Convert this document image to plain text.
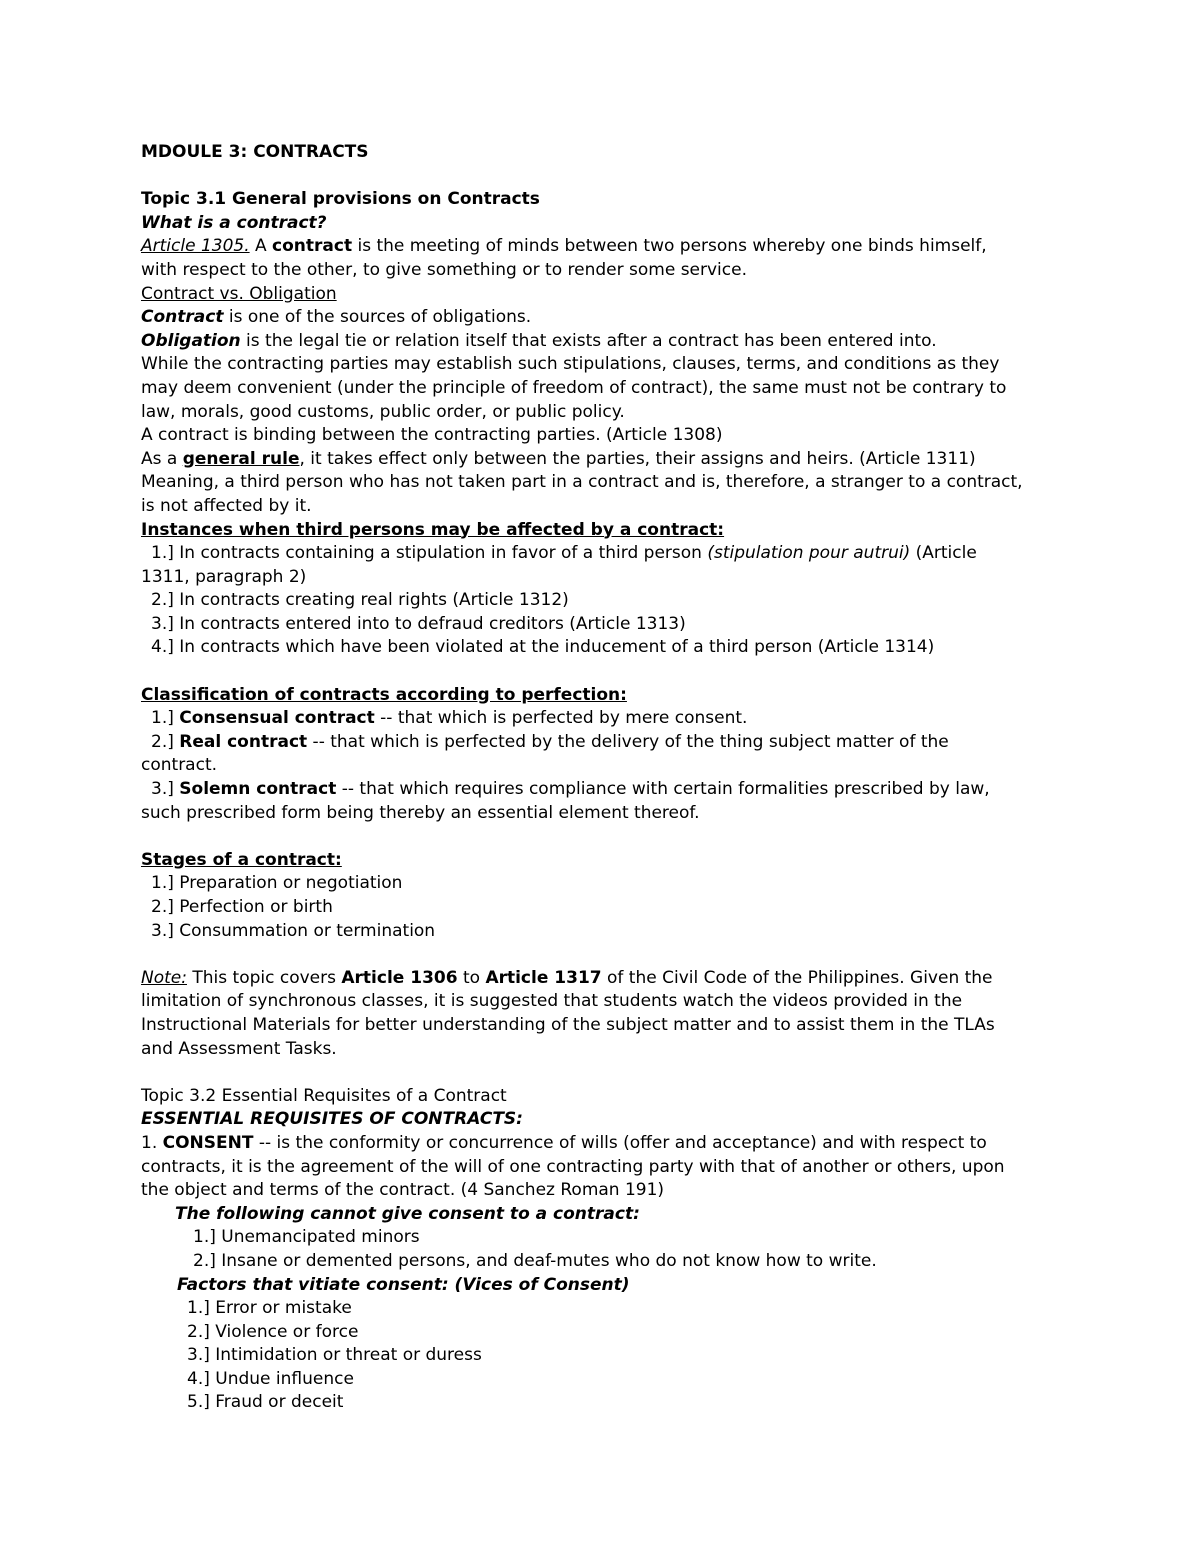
MDOULE 3: CONTRACTS
Topic 3.1 General provisions on Contracts
What is a contract?
Article 1305. A contract is the meeting of minds between two persons whereby one binds himself,
with respect to the other, to give something or to render some service.
Contract vs. Obligation
Contract is one of the sources of obligations.
Obligation is the legal tie or relation itself that exists after a contract has been entered into.
While the contracting parties may establish such stipulations, clauses, terms, and conditions as they
may deem convenient (under the principle of freedom of contract), the same must not be contrary to
law, morals, good customs, public order, or public policy.
A contract is binding between the contracting parties. (Article 1308)
As a general rule, it takes effect only between the parties, their assigns and heirs. (Article 1311)
Meaning, a third person who has not taken part in a contract and is, therefore, a stranger to a contract,
is not affected by it.
Instances when third persons may be affected by a contract:
1.] In contracts containing a stipulation in favor of a third person (stipulation pour autrui) (Article
1311, paragraph 2)
2.] In contracts creating real rights (Article 1312)
3.] In contracts entered into to defraud creditors (Article 1313)
4.] In contracts which have been violated at the inducement of a third person (Article 1314)
Classification of contracts according to perfection:
1.] Consensual contract -- that which is perfected by mere consent.
2.] Real contract -- that which is perfected by the delivery of the thing subject matter of the
contract.
3.] Solemn contract -- that which requires compliance with certain formalities prescribed by law,
such prescribed form being thereby an essential element thereof.
Stages of a contract:
1.] Preparation or negotiation
2.] Perfection or birth
3.] Consummation or termination
Note: This topic covers Article 1306 to Article 1317 of the Civil Code of the Philippines. Given the
limitation of synchronous classes, it is suggested that students watch the videos provided in the
Instructional Materials for better understanding of the subject matter and to assist them in the TLAs
and Assessment Tasks.
Topic 3.2 Essential Requisites of a Contract
ESSENTIAL REQUISITES OF CONTRACTS:
1. CONSENT -- is the conformity or concurrence of wills (offer and acceptance) and with respect to
contracts, it is the agreement of the will of one contracting party with that of another or others, upon
the object and terms of the contract. (4 Sanchez Roman 191)
The following cannot give consent to a contract:
1.] Unemancipated minors
2.] Insane or demented persons, and deaf-mutes who do not know how to write.
Factors that vitiate consent: (Vices of Consent)
1.] Error or mistake
2.] Violence or force
3.] Intimidation or threat or duress
4.] Undue influence
5.] Fraud or deceit
